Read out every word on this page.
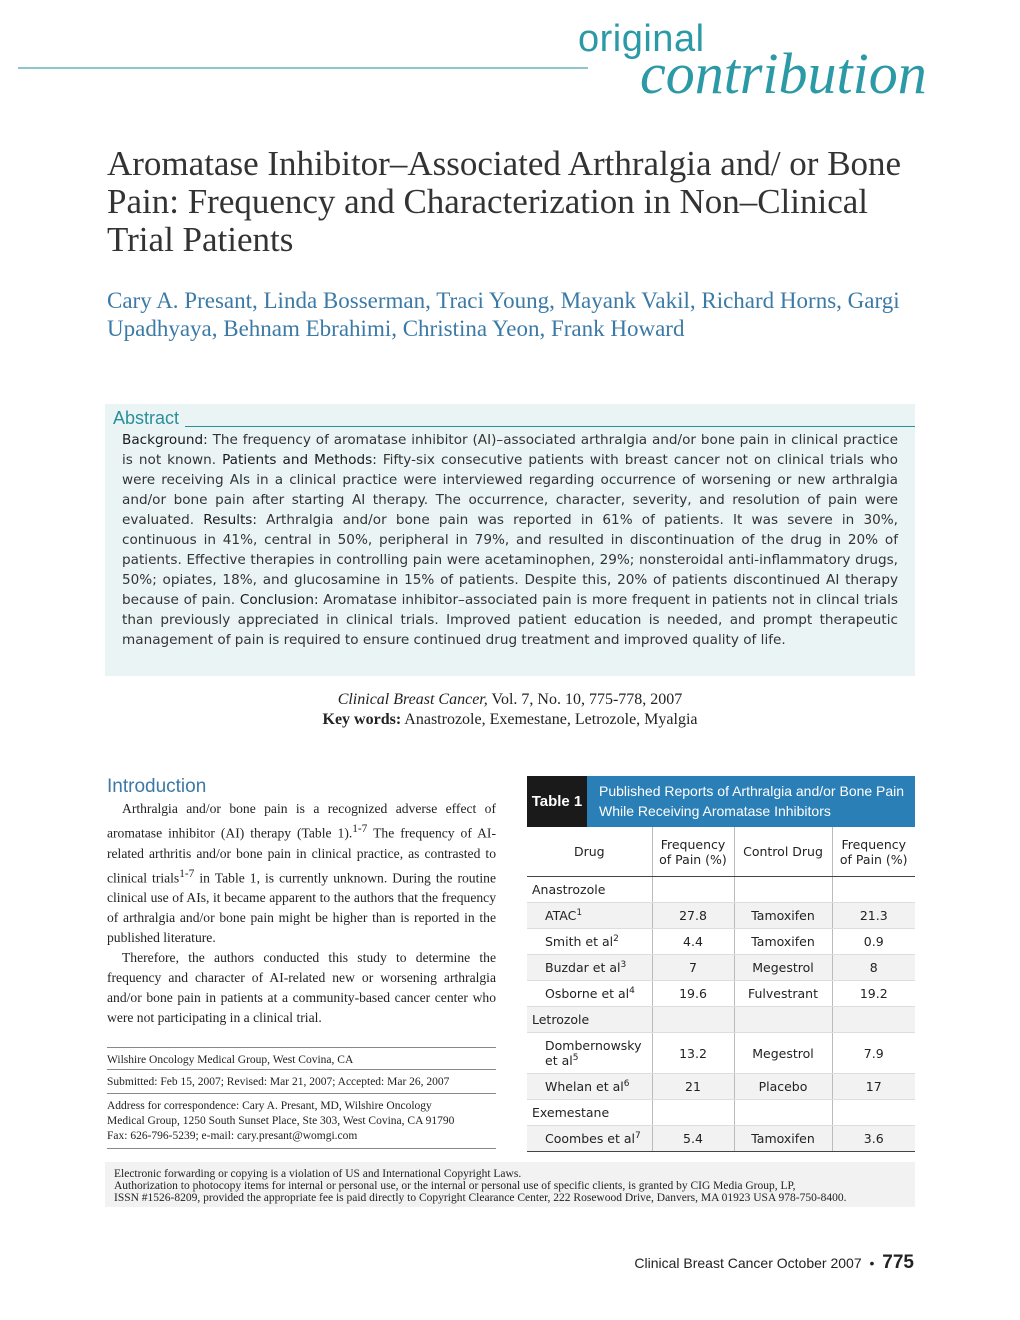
original
contribution
Aromatase Inhibitor–Associated Arthralgia and/ or Bone Pain: Frequency and Characterization in Non–Clinical Trial Patients
Cary A. Presant, Linda Bosserman, Traci Young, Mayank Vakil, Richard Horns, Gargi Upadhyaya, Behnam Ebrahimi, Christina Yeon, Frank Howard
Abstract

Background: The frequency of aromatase inhibitor (AI)–associated arthralgia and/or bone pain in clinical practice is not known. Patients and Methods: Fifty-six consecutive patients with breast cancer not on clinical trials who were receiving AIs in a clinical practice were interviewed regarding occurrence of worsening or new arthralgia and/or bone pain after starting AI therapy. The occurrence, character, severity, and resolution of pain were evaluated. Results: Arthralgia and/or bone pain was reported in 61% of patients. It was severe in 30%, continuous in 41%, central in 50%, peripheral in 79%, and resulted in discontinuation of the drug in 20% of patients. Effective therapies in controlling pain were acetaminophen, 29%; nonsteroidal anti-inflammatory drugs, 50%; opiates, 18%, and glucosamine in 15% of patients. Despite this, 20% of patients discontinued AI therapy because of pain. Conclusion: Aromatase inhibitor–associated pain is more frequent in patients not in clincal trials than previously appreciated in clinical trials. Improved patient education is needed, and prompt therapeutic management of pain is required to ensure continued drug treatment and improved quality of life.

Clinical Breast Cancer, Vol. 7, No. 10, 775-778, 2007
Key words: Anastrozole, Exemestane, Letrozole, Myalgia
Introduction

Arthralgia and/or bone pain is a recognized adverse effect of aromatase inhibitor (AI) therapy (Table 1).$^{1-7}$ The frequency of AI-related arthritis and/or bone pain in clinical practice, as contrasted to clinical trials$^{1-7}$ in Table 1, is currently unknown. During the routine clinical use of AIs, it became apparent to the authors that the frequency of arthralgia and/or bone pain might be higher than is reported in the published literature.

Therefore, the authors conducted this study to determine the frequency and character of AI-related new or worsening arthralgia and/or bone pain in patients at a community-based cancer center who were not participating in a clinical trial.

Wilshire Oncology Medical Group, West Covina, CA
Submitted: Feb 15, 2007; Revised: Mar 21, 2007; Accepted: Mar 26, 2007
Address for correspondence: Cary A. Presant, MD, Wilshire Oncology
Medical Group, 1250 South Sunset Place, Ste 303, West Covina, CA 91790
Fax: 626-796-5239; e-mail: cary.presant@womgi.com
Table 1
Published Reports of Arthralgia and/or Bone Pain
While Receiving Aromatase Inhibitors
Drug	Frequency of Pain (%)	Control Drug	Frequency of Pain (%)
Anastrozole			
ATAC$^1$	27.8	Tamoxifen	21.3
Smith et $al^2$	4.4	Tamoxifen	0.9
Buzdar et $al^3$	7	Megestrol	8
Osborne et $al^4$	19.6	Fulvestrant	19.2
Letrozole			
Dombernowsky et $al^5$	13.2	Megestrol	7.9
Whelan et $al^6$	21	Placebo	17
Exemestane			
Coombes et $al^7$	5.4	Tamoxifen	3.6
Electronic forwarding or copying is a violation of US and International Copyright Laws.
Authorization to photocopy items for internal or personal use, or the internal or personal use of specific clients, is granted by CIG Media Group, LP,
ISSN #1526-8209, provided the appropriate fee is paid directly to Copyright Clearance Center, 222 Rosewood Drive, Danvers, MA 01923 USA 978-750-8400.
Clinical Breast Cancer October 2007 • 775
